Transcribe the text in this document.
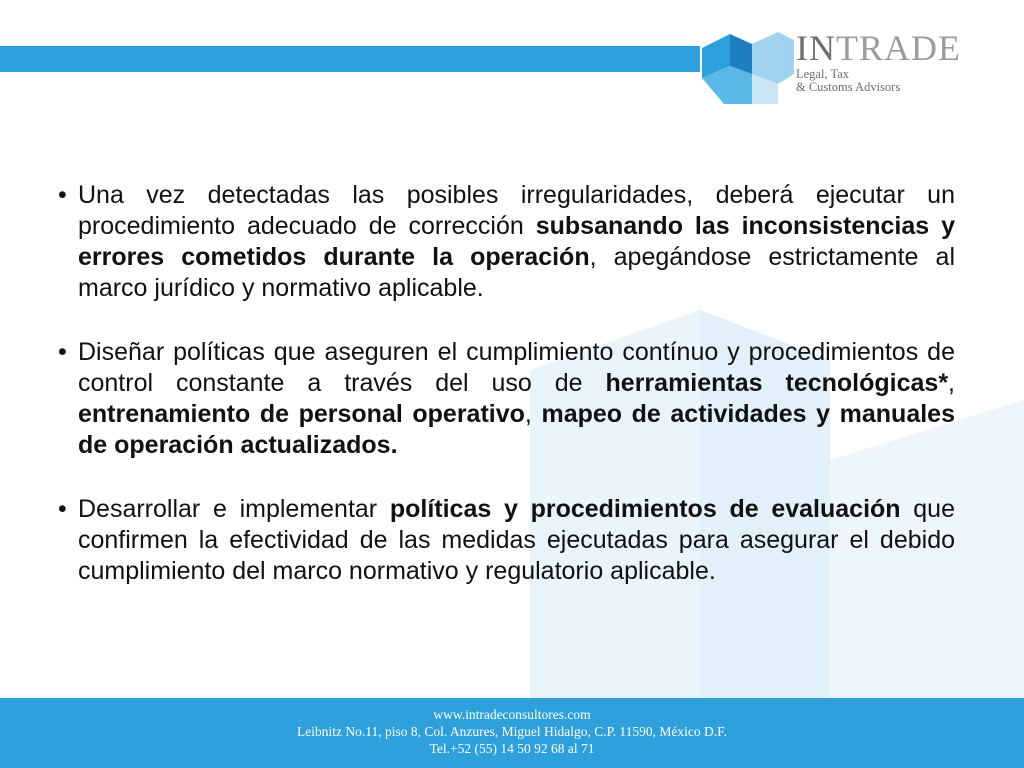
INTRADE
Legal, Tax
& Customs Advisors

• Una vez detectadas las posibles irregularidades, deberá ejecutar un procedimiento adecuado de corrección subsanando las inconsistencias y errores cometidos durante la operación, apegándose estrictamente al marco jurídico y normativo aplicable.

• Diseñar políticas que aseguren el cumplimiento contínuo y procedimientos de control constante a través del uso de herramientas tecnológicas*, entrenamiento de personal operativo, mapeo de actividades y manuales de operación actualizados.

• Desarrollar e implementar políticas y procedimientos de evaluación que confirmen la efectividad de las medidas ejecutadas para asegurar el debido cumplimiento del marco normativo y regulatorio aplicable.

www.intradeconsultores.com
Leibnitz No.11, piso 8, Col. Anzures, Miguel Hidalgo, C.P. 11590, México D.F.
Tel.+52 (55) 14 50 92 68 al 71
